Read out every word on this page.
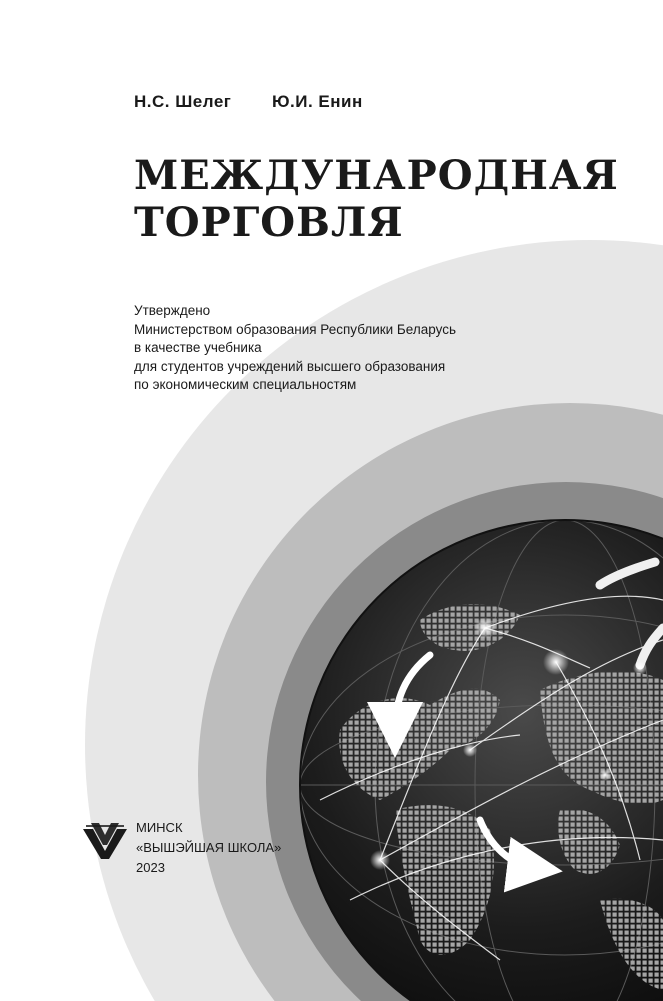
Н.С. Шелег Ю.И. Енин
МЕЖДУНАРОДНАЯ
ТОРГОВЛЯ
Утверждено
Министерством образования Республики Беларусь
в качестве учебника
для студентов учреждений высшего образования
по экономическим специальностям
МИНСК
«ВЫШЭЙШАЯ ШКОЛА»
2023
